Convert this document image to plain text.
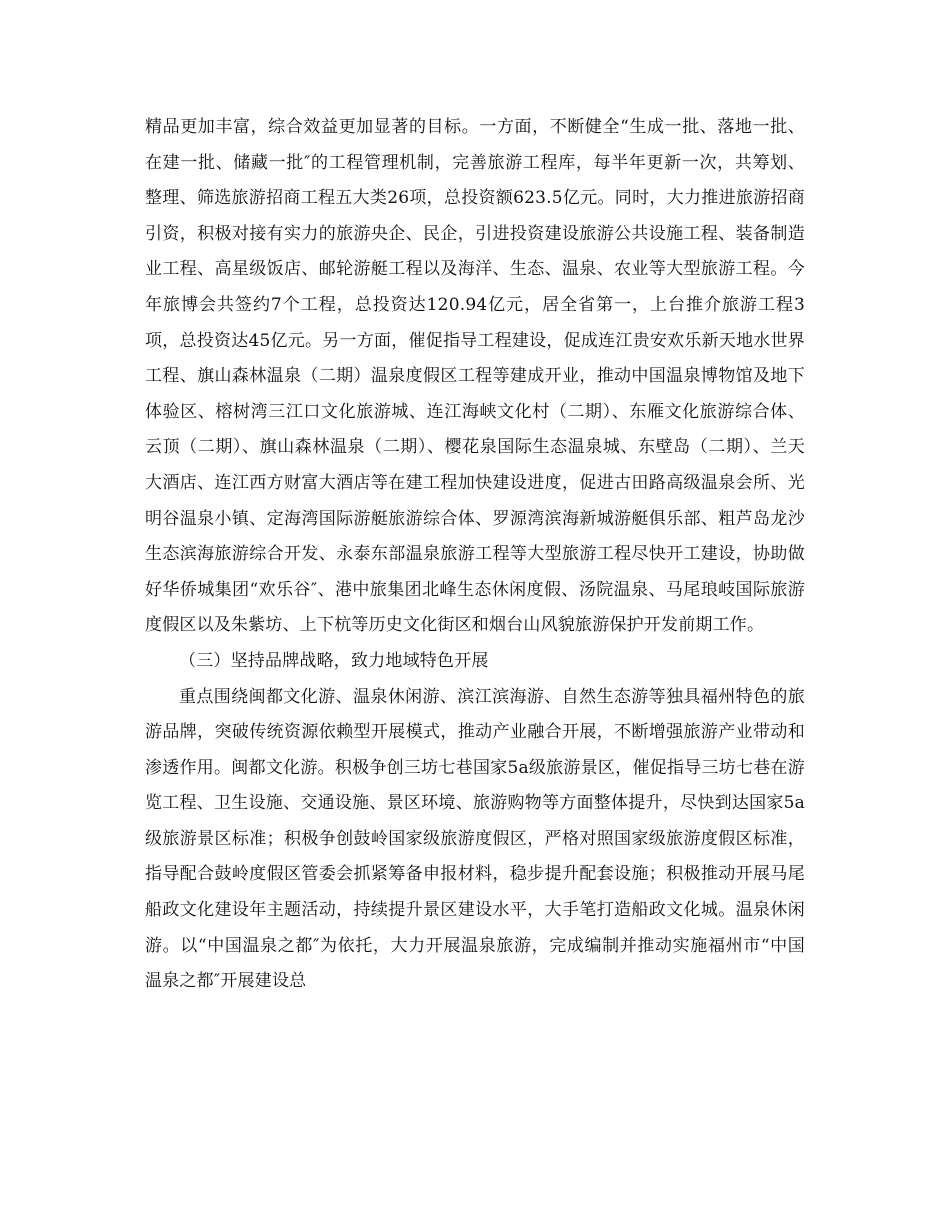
精品更加丰富，综合效益更加显著的目标。一方面，不断健全“生成一批、落地一批、在建一批、储藏一批″的工程管理机制，完善旅游工程库，每半年更新一次，共筹划、整理、筛选旅游招商工程五大类26项，总投资额623.5亿元。同时，大力推进旅游招商引资，积极对接有实力的旅游央企、民企，引进投资建设旅游公共设施工程、装备制造业工程、高星级饭店、邮轮游艇工程以及海洋、生态、温泉、农业等大型旅游工程。今年旅博会共签约7个工程，总投资达120.94亿元，居全省第一，上台推介旅游工程3项，总投资达45亿元。另一方面，催促指导工程建设，促成连江贵安欢乐新天地水世界工程、旗山森林温泉（二期）温泉度假区工程等建成开业，推动中国温泉博物馆及地下体验区、榕树湾三江口文化旅游城、连江海峡文化村（二期）、东雁文化旅游综合体、云顶（二期）、旗山森林温泉（二期）、樱花泉国际生态温泉城、东壁岛（二期）、兰天大酒店、连江西方财富大酒店等在建工程加快建设进度，促进古田路高级温泉会所、光明谷温泉小镇、定海湾国际游艇旅游综合体、罗源湾滨海新城游艇俱乐部、粗芦岛龙沙生态滨海旅游综合开发、永泰东部温泉旅游工程等大型旅游工程尽快开工建设，协助做好华侨城集团“欢乐谷″、港中旅集团北峰生态休闲度假、汤院温泉、马尾琅岐国际旅游度假区以及朱紫坊、上下杭等历史文化街区和烟台山风貌旅游保护开发前期工作。

（三）坚持品牌战略，致力地域特色开展

重点围绕闽都文化游、温泉休闲游、滨江滨海游、自然生态游等独具福州特色的旅游品牌，突破传统资源依赖型开展模式，推动产业融合开展，不断增强旅游产业带动和渗透作用。闽都文化游。积极争创三坊七巷国家5a级旅游景区，催促指导三坊七巷在游览工程、卫生设施、交通设施、景区环境、旅游购物等方面整体提升，尽快到达国家5a级旅游景区标准；积极争创鼓岭国家级旅游度假区，严格对照国家级旅游度假区标准，指导配合鼓岭度假区管委会抓紧筹备申报材料，稳步提升配套设施；积极推动开展马尾船政文化建设年主题活动，持续提升景区建设水平，大手笔打造船政文化城。温泉休闲游。以“中国温泉之都″为依托，大力开展温泉旅游，完成编制并推动实施福州市“中国温泉之都″开展建设总
